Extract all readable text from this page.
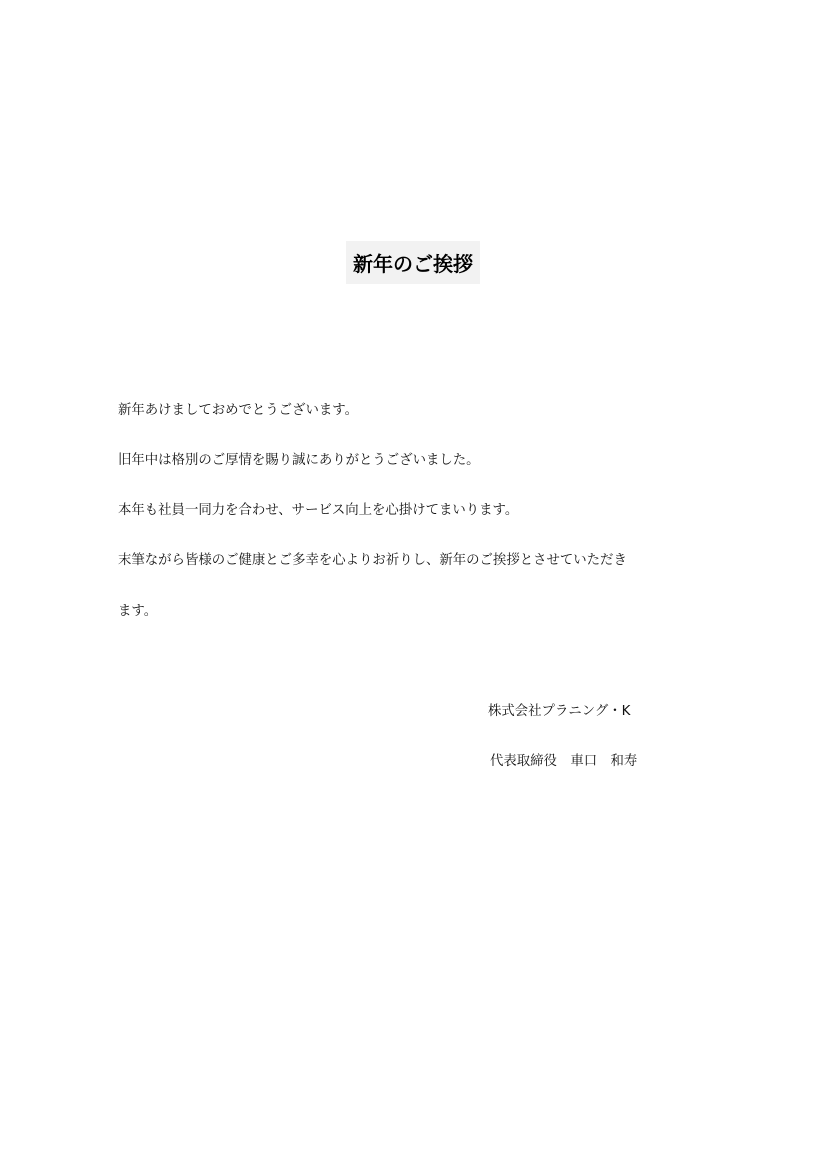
新年のご挨拶
新年あけましておめでとうございます。
旧年中は格別のご厚情を賜り誠にありがとうございました。
本年も社員一同力を合わせ、サービス向上を心掛けてまいります。
末筆ながら皆様のご健康とご多幸を心よりお祈りし、新年のご挨拶とさせていただき
ます。
株式会社プラニング・K
代表取締役　車口　和寿
